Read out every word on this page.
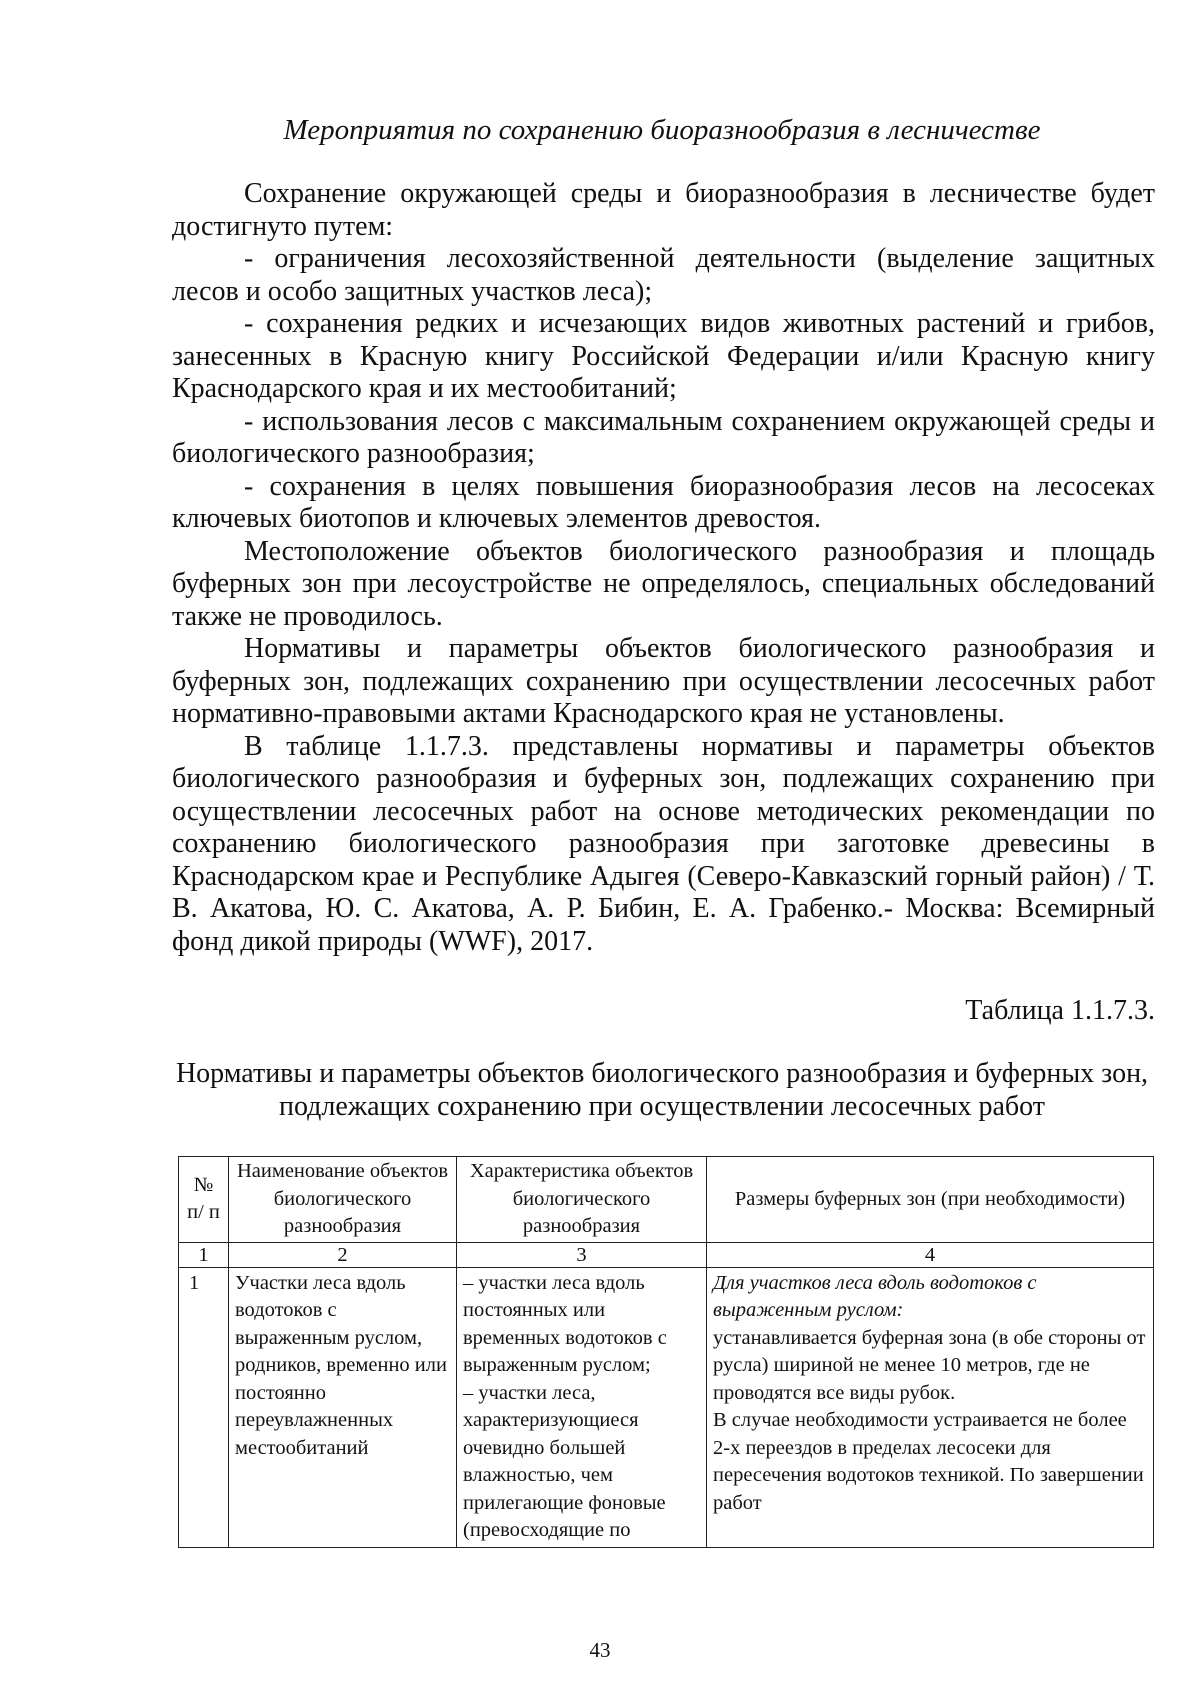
Мероприятия по сохранению биоразнообразия в лесничестве

Сохранение окружающей среды и биоразнообразия в лесничестве будет достигнуто путем:

- ограничения лесохозяйственной деятельности (выделение защитных лесов и особо защитных участков леса);

- сохранения редких и исчезающих видов животных растений и грибов, занесенных в Красную книгу Российской Федерации и/или Красную книгу Краснодарского края и их местообитаний;

- использования лесов с максимальным сохранением окружающей среды и биологического разнообразия;

- сохранения в целях повышения биоразнообразия лесов на лесосеках ключевых биотопов и ключевых элементов древостоя.

Местоположение объектов биологического разнообразия и площадь буферных зон при лесоустройстве не определялось, специальных обследований также не проводилось.

Нормативы и параметры объектов биологического разнообразия и буферных зон, подлежащих сохранению при осуществлении лесосечных работ нормативно-правовыми актами Краснодарского края не установлены.

В таблице 1.1.7.3. представлены нормативы и параметры объектов биологического разнообразия и буферных зон, подлежащих сохранению при осуществлении лесосечных работ на основе методических рекомендации по сохранению биологического разнообразия при заготовке древесины в Краснодарском крае и Республике Адыгея (Северо-Кавказский горный район) / Т. В. Акатова, Ю. С. Акатова, А. Р. Бибин, Е. А. Грабенко.- Москва: Всемирный фонд дикой природы (WWF), 2017.

Таблица 1.1.7.3.
Нормативы и параметры объектов биологического разнообразия и буферных зон, подлежащих сохранению при осуществлении лесосечных работ
№ п/ п	Наименование объектов биологического разнообразия	Характеристика объектов биологического разнообразия	Размеры буферных зон (при необходимости)
1	2	3	4
1	Участки леса вдоль водотоков с выраженным руслом, родников, временно или постоянно переувлажненных местообитаний	– участки леса вдоль постоянных или временных водотоков с выраженным руслом;
– участки леса, характеризующиеся очевидно большей влажностью, чем прилегающие фоновые (превосходящие по	Для участков леса вдоль водотоков с выраженным руслом:
устанавливается буферная зона (в обе стороны от русла) шириной не менее 10 метров, где не проводятся все виды рубок.
В случае необходимости устраивается не более 2-х переездов в пределах лесосеки для пересечения водотоков техникой. По завершении работ
43
